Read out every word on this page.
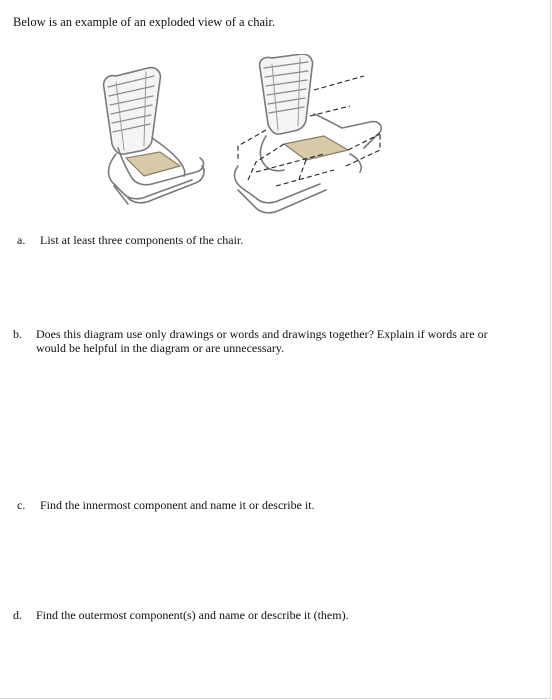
Below is an example of an exploded view of a chair.
a. List at least three components of the chair.
b. Does this diagram use only drawings or words and drawings together? Explain if words are or would be helpful in the diagram or are unnecessary.
c. Find the innermost component and name it or describe it.
d. Find the outermost component(s) and name or describe it (them).
